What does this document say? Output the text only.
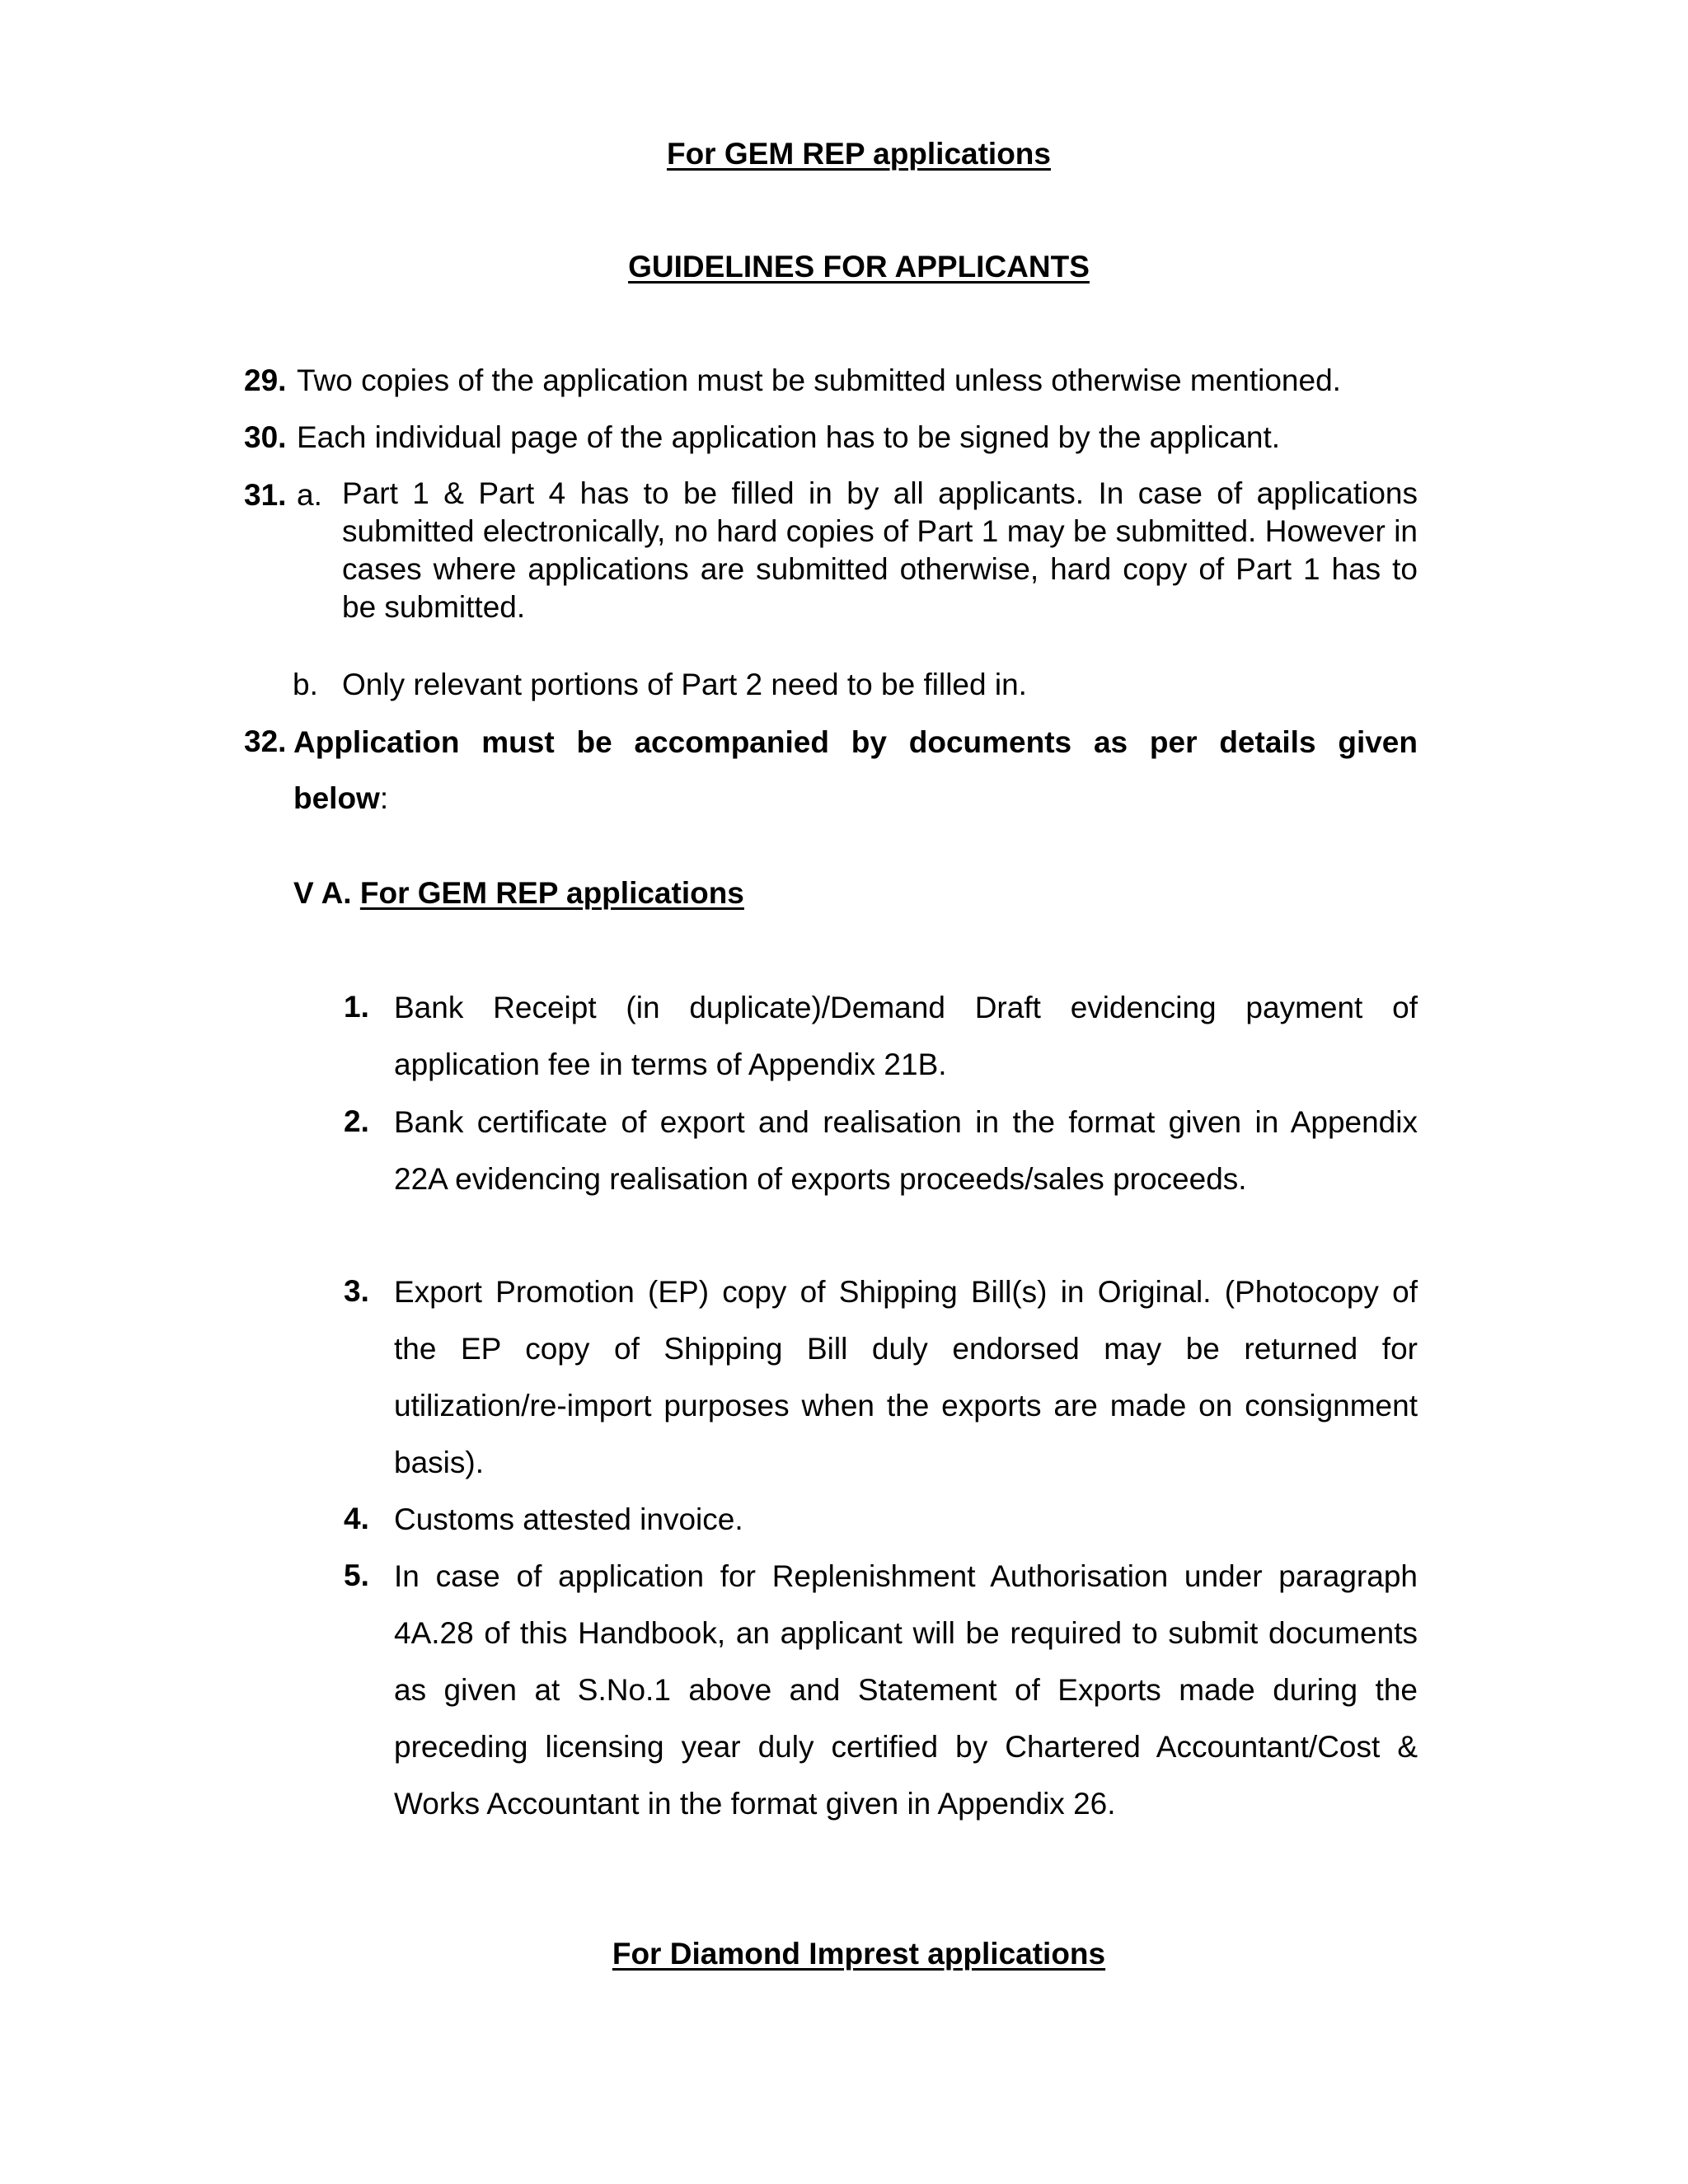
For GEM REP applications
GUIDELINES FOR APPLICANTS
29. Two copies of the application must be submitted unless otherwise mentioned.
30. Each individual page of the application has to be signed by the applicant.
31. a. Part 1 & Part 4 has to be filled in by all applicants. In case of applications submitted electronically, no hard copies of Part 1 may be submitted. However in cases where applications are submitted otherwise, hard copy of Part 1 has to be submitted.
b. Only relevant portions of Part 2 need to be filled in.
32. Application must be accompanied by documents as per details given
below:
V A. For GEM REP applications
1. Bank Receipt (in duplicate)/Demand Draft evidencing payment of application fee in terms of Appendix 21B.
2. Bank certificate of export and realisation in the format given in Appendix 22A evidencing realisation of exports proceeds/sales proceeds.
3. Export Promotion (EP) copy of Shipping Bill(s) in Original. (Photocopy of the EP copy of Shipping Bill duly endorsed may be returned for utilization/re-import purposes when the exports are made on consignment basis).
4. Customs attested invoice.
5. In case of application for Replenishment Authorisation under paragraph 4A.28 of this Handbook, an applicant will be required to submit documents as given at S.No.1 above and Statement of Exports made during the preceding licensing year duly certified by Chartered Accountant/Cost & Works Accountant in the format given in Appendix 26.
For Diamond Imprest applications
